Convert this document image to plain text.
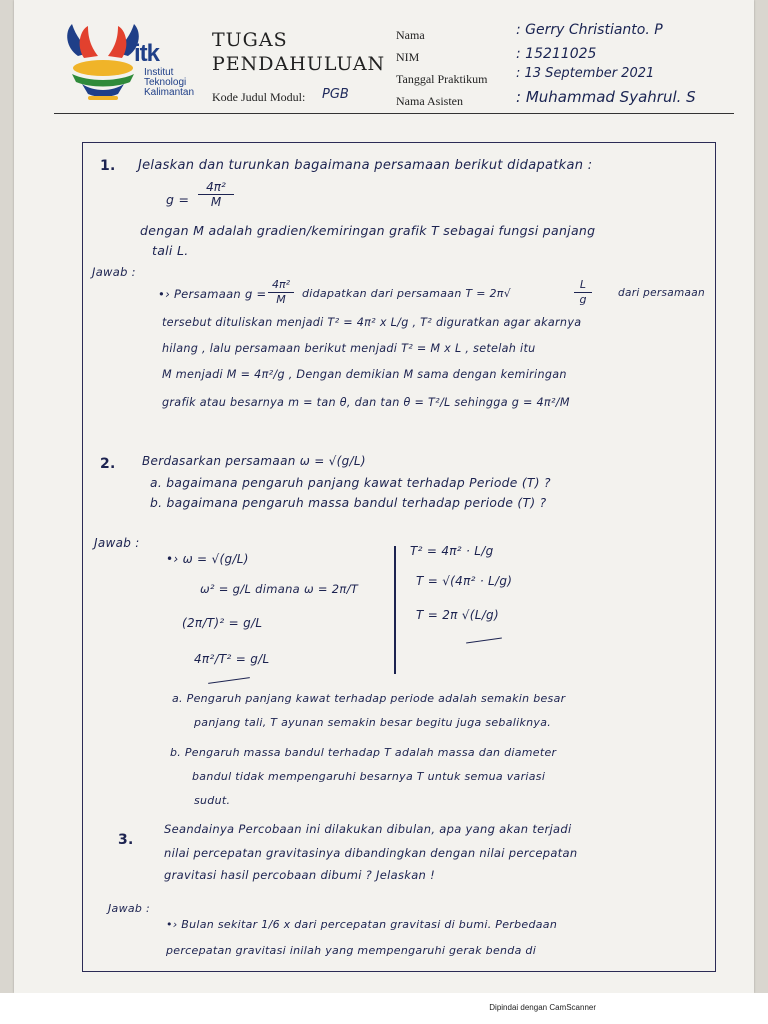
itk
Institut
Teknologi
Kalimantan
TUGAS
PENDAHULUAN
Kode Judul Modul: PGB
Nama	: Gerry Christianto. P
NIM	: 15211025
Tanggal Praktikum : 13 September 2021
Nama Asisten	: Muhammad Syahrul. S
1. Jelaskan dan turunkan bagaimana persamaan berikut didapatkan :
$g = \frac{\text{4π²}}{M}$
dengan M adalah gradien/kemiringan grafik T sebagai fungsi panjang
tali L.
Jawab :
•› Persamaan $g = \frac{\text{4π²}}{M}$ didapatkan dari persamaan T = 2π√	$\frac{L}{g}$ dari persamaan
tersebut dituliskan menjadi T² = 4π² x L/g , T² diguratkan agar akarnya
hilang , lalu persamaan berikut menjadi T² = M x L , setelah itu
M menjadi M = 4π²/g , Dengan demikian M sama dengan kemiringan
grafik atau besarnya m = tan θ, dan tan θ = T²/L sehingga g = 4π²/M
2. Berdasarkan persamaan ω = √(g/L)
a. bagaimana pengaruh panjang kawat terhadap Periode (T) ?
b. bagaimana pengaruh massa bandul terhadap periode (T) ?
Jawab :
•› ω = √(g/L)
ω² = g/L dimana ω = 2π/T
(2π/T)² = g/L
4π²/T² = g/L
T² = 4π² · L/g
T = √(4π² · L/g)
T = 2π √(L/g)
a. Pengaruh panjang kawat terhadap periode adalah semakin besar
panjang tali, T ayunan semakin besar begitu juga sebaliknya.
b. Pengaruh massa bandul terhadap T adalah massa dan diameter
bandul tidak mempengaruhi besarnya T untuk semua variasi
sudut.
3.
Seandainya Percobaan ini dilakukan dibulan, apa yang akan terjadi
nilai percepatan gravitasinya dibandingkan dengan nilai percepatan
gravitasi hasil percobaan dibumi ? Jelaskan !
Jawab :
•› Bulan sekitar 1/6 x dari percepatan gravitasi di bumi. Perbedaan
percepatan gravitasi inilah yang mempengaruhi gerak benda di
Dipindai dengan CamScanner
